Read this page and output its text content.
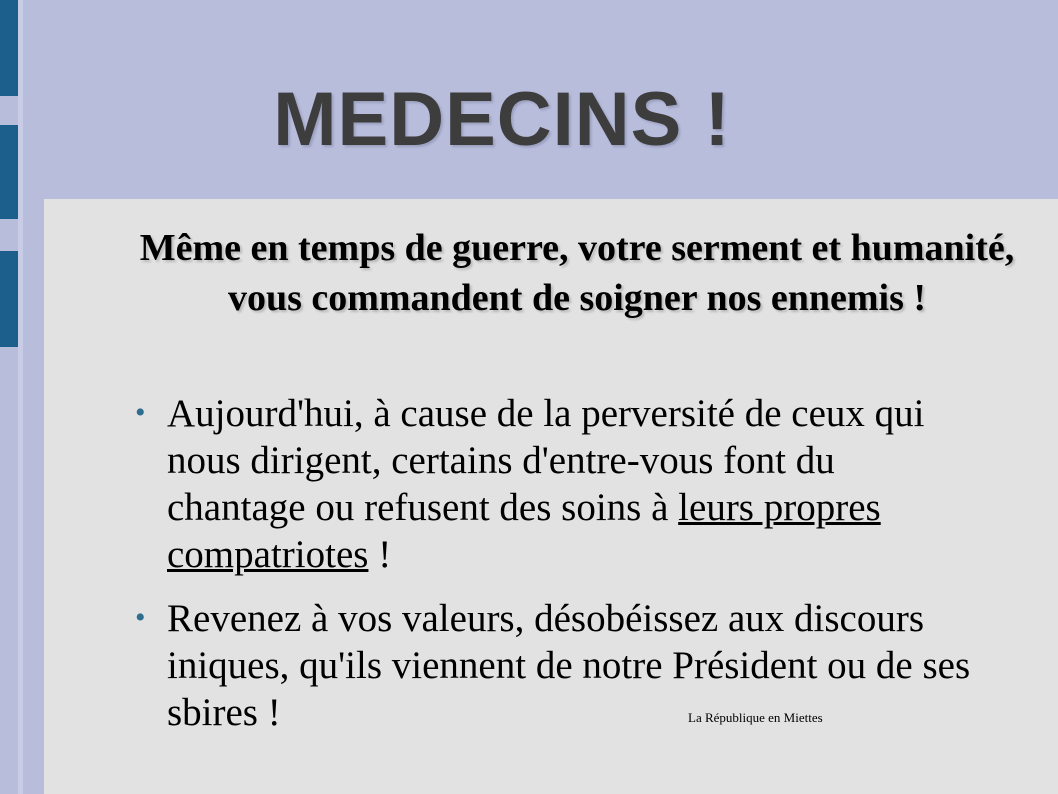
MEDECINS !
Même en temps de guerre, votre serment et humanité, vous commandent de soigner nos ennemis !
• Aujourd'hui, à cause de la perversité de ceux qui nous dirigent, certains d'entre-vous font du chantage ou refusent des soins à leurs propres compatriotes !
• Revenez à vos valeurs, désobéissez aux discours iniques, qu'ils viennent de notre Président ou de ses sbires !	La République en Miettes
